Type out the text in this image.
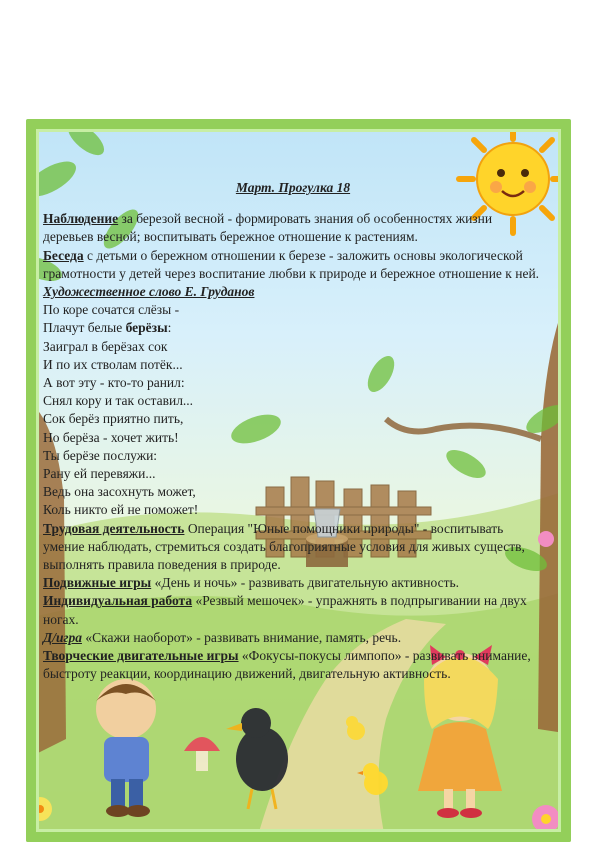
Март. Прогулка 18

Наблюдение за березой весной - формировать знания об особенностях жизни деревьев весной; воспитывать бережное отношение к растениям.

Беседа с детьми о бережном отношении к березе - заложить основы экологической грамотности у детей через воспитание любви к природе и бережное отношение к ней.

Художественное слово Е. Груданов

По коре сочатся слёзы -

Плачут белые берёзы:

Заиграл в берёзах сок

И по их стволам потёк...

А вот эту - кто-то ранил:

Снял кору и так оставил...

Сок берёз приятно пить,

Но берёза - хочет жить!

Ты берёзе послужи:

Рану ей перевяжи...

Ведь она засохнуть может,

Коль никто ей не поможет!

Трудовая деятельность Операция "Юные помощники природы" - воспитывать умение наблюдать, стремиться создать благоприятные условия для живых существ, выполнять правила поведения в природе.

Подвижные игры «День и ночь» - развивать двигательную активность.

Индивидуальная работа «Резвый мешочек» - упражнять в подпрыгивании на двух ногах.

Д/игра «Скажи наоборот» - развивать внимание, память, речь.

Творческие двигательные игры «Фокусы-покусы лимпопо» - развивать внимание, быстроту реакции, координацию движений, двигательную активность.
